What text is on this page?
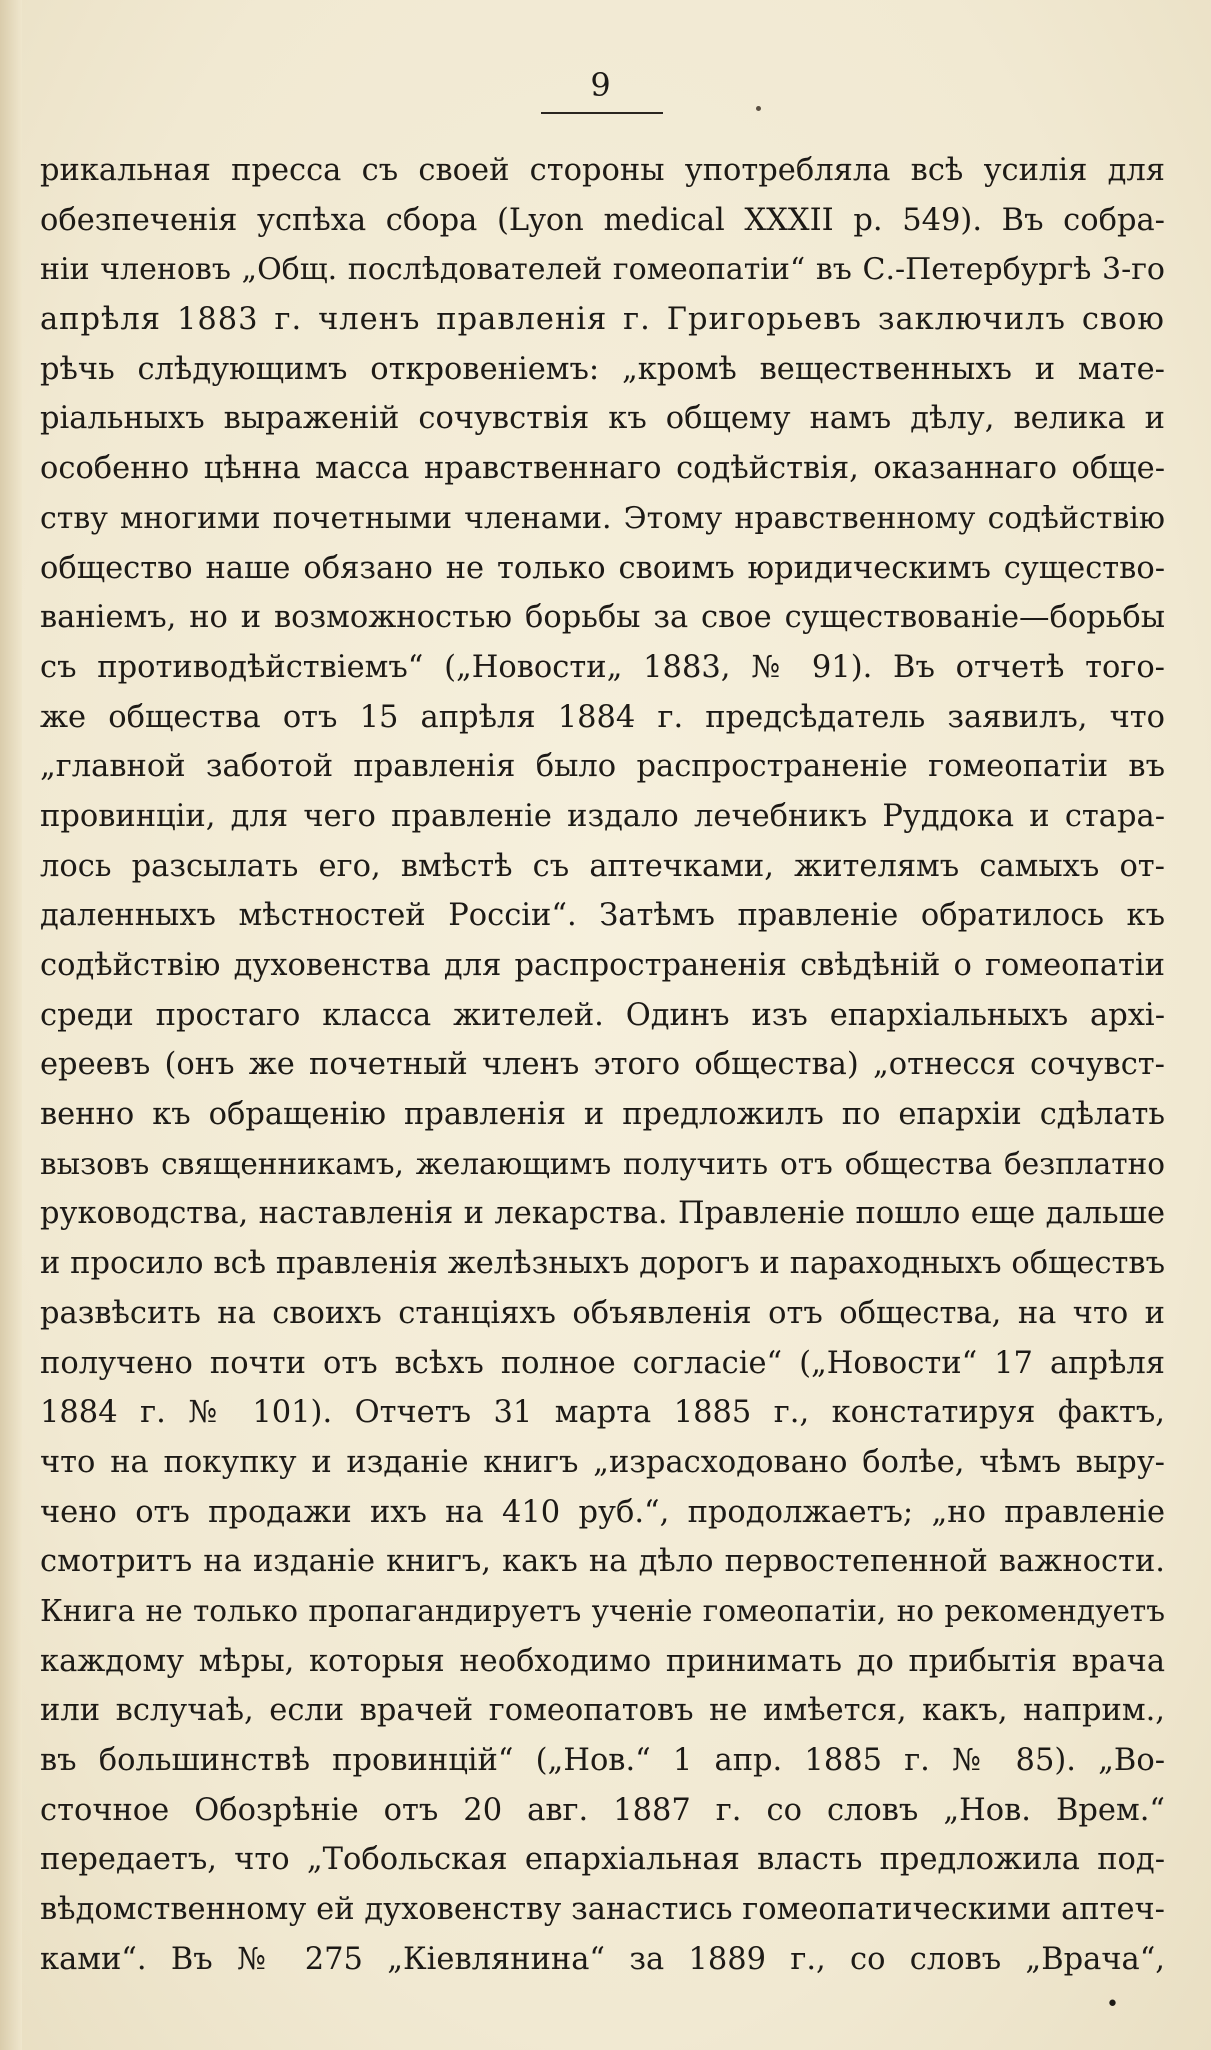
9
рикальная пресса съ своей стороны употребляла всѣ усилія для
обезпеченія успѣха сбора (Lyon medical XXXII р. 549). Въ собра-
ніи членовъ „Общ. послѣдователей гомеопатіи“ въ С.-Петербургѣ 3-го
апрѣля 1883 г. членъ правленія г. Григорьевъ заключилъ свою
рѣчь слѣдующимъ откровеніемъ: „кромѣ вещественныхъ и мате-
ріальныхъ выраженій сочувствія къ общему намъ дѣлу, велика и
особенно цѣнна масса нравственнаго содѣйствія, оказаннаго обще-
ству многими почетными членами. Этому нравственному содѣйствію
общество наше обязано не только своимъ юридическимъ существо-
ваніемъ, но и возможностью борьбы за свое существованіе—борьбы
съ противодѣйствіемъ“ („Новости„ 1883, № 91). Въ отчетѣ того-
же общества отъ 15 апрѣля 1884 г. предсѣдатель заявилъ, что
„главной заботой правленія было распространеніе гомеопатіи въ
провинціи, для чего правленіе издало лечебникъ Руддока и стара-
лось разсылать его, вмѣстѣ съ аптечками, жителямъ самыхъ от-
даленныхъ мѣстностей Россіи“. Затѣмъ правленіе обратилось къ
содѣйствію духовенства для распространенія свѣдѣній о гомеопатіи
среди простаго класса жителей. Одинъ изъ епархіальныхъ архі-
ереевъ (онъ же почетный членъ этого общества) „отнесся сочувст-
венно къ обращенію правленія и предложилъ по епархіи сдѣлать
вызовъ священникамъ, желающимъ получить отъ общества безплатно
руководства, наставленія и лекарства. Правленіе пошло еще дальше
и просило всѣ правленія желѣзныхъ дорогъ и параходныхъ обществъ
развѣсить на своихъ станціяхъ объявленія отъ общества, на что и
получено почти отъ всѣхъ полное согласіе“ („Новости“ 17 апрѣля
1884 г. № 101). Отчетъ 31 марта 1885 г., констатируя фактъ,
что на покупку и изданіе книгъ „израсходовано болѣе, чѣмъ выру-
чено отъ продажи ихъ на 410 руб.“, продолжаетъ; „но правленіе
смотритъ на изданіе книгъ, какъ на дѣло первостепенной важности.
Книга не только пропагандируетъ ученіе гомеопатіи, но рекомендуетъ
каждому мѣры, которыя необходимо принимать до прибытія врача
или вслучаѣ, если врачей гомеопатовъ не имѣется, какъ, наприм.,
въ большинствѣ провинцій“ („Нов.“ 1 апр. 1885 г. № 85). „Во-
сточное Обозрѣніе отъ 20 авг. 1887 г. со словъ „Нов. Врем.“
передаетъ, что „Тобольская епархіальная власть предложила под-
вѣдомственному ей духовенству занастись гомеопатическими аптеч-
ками“. Въ № 275 „Кіевлянина“ за 1889 г., со словъ „Врача“,
•
